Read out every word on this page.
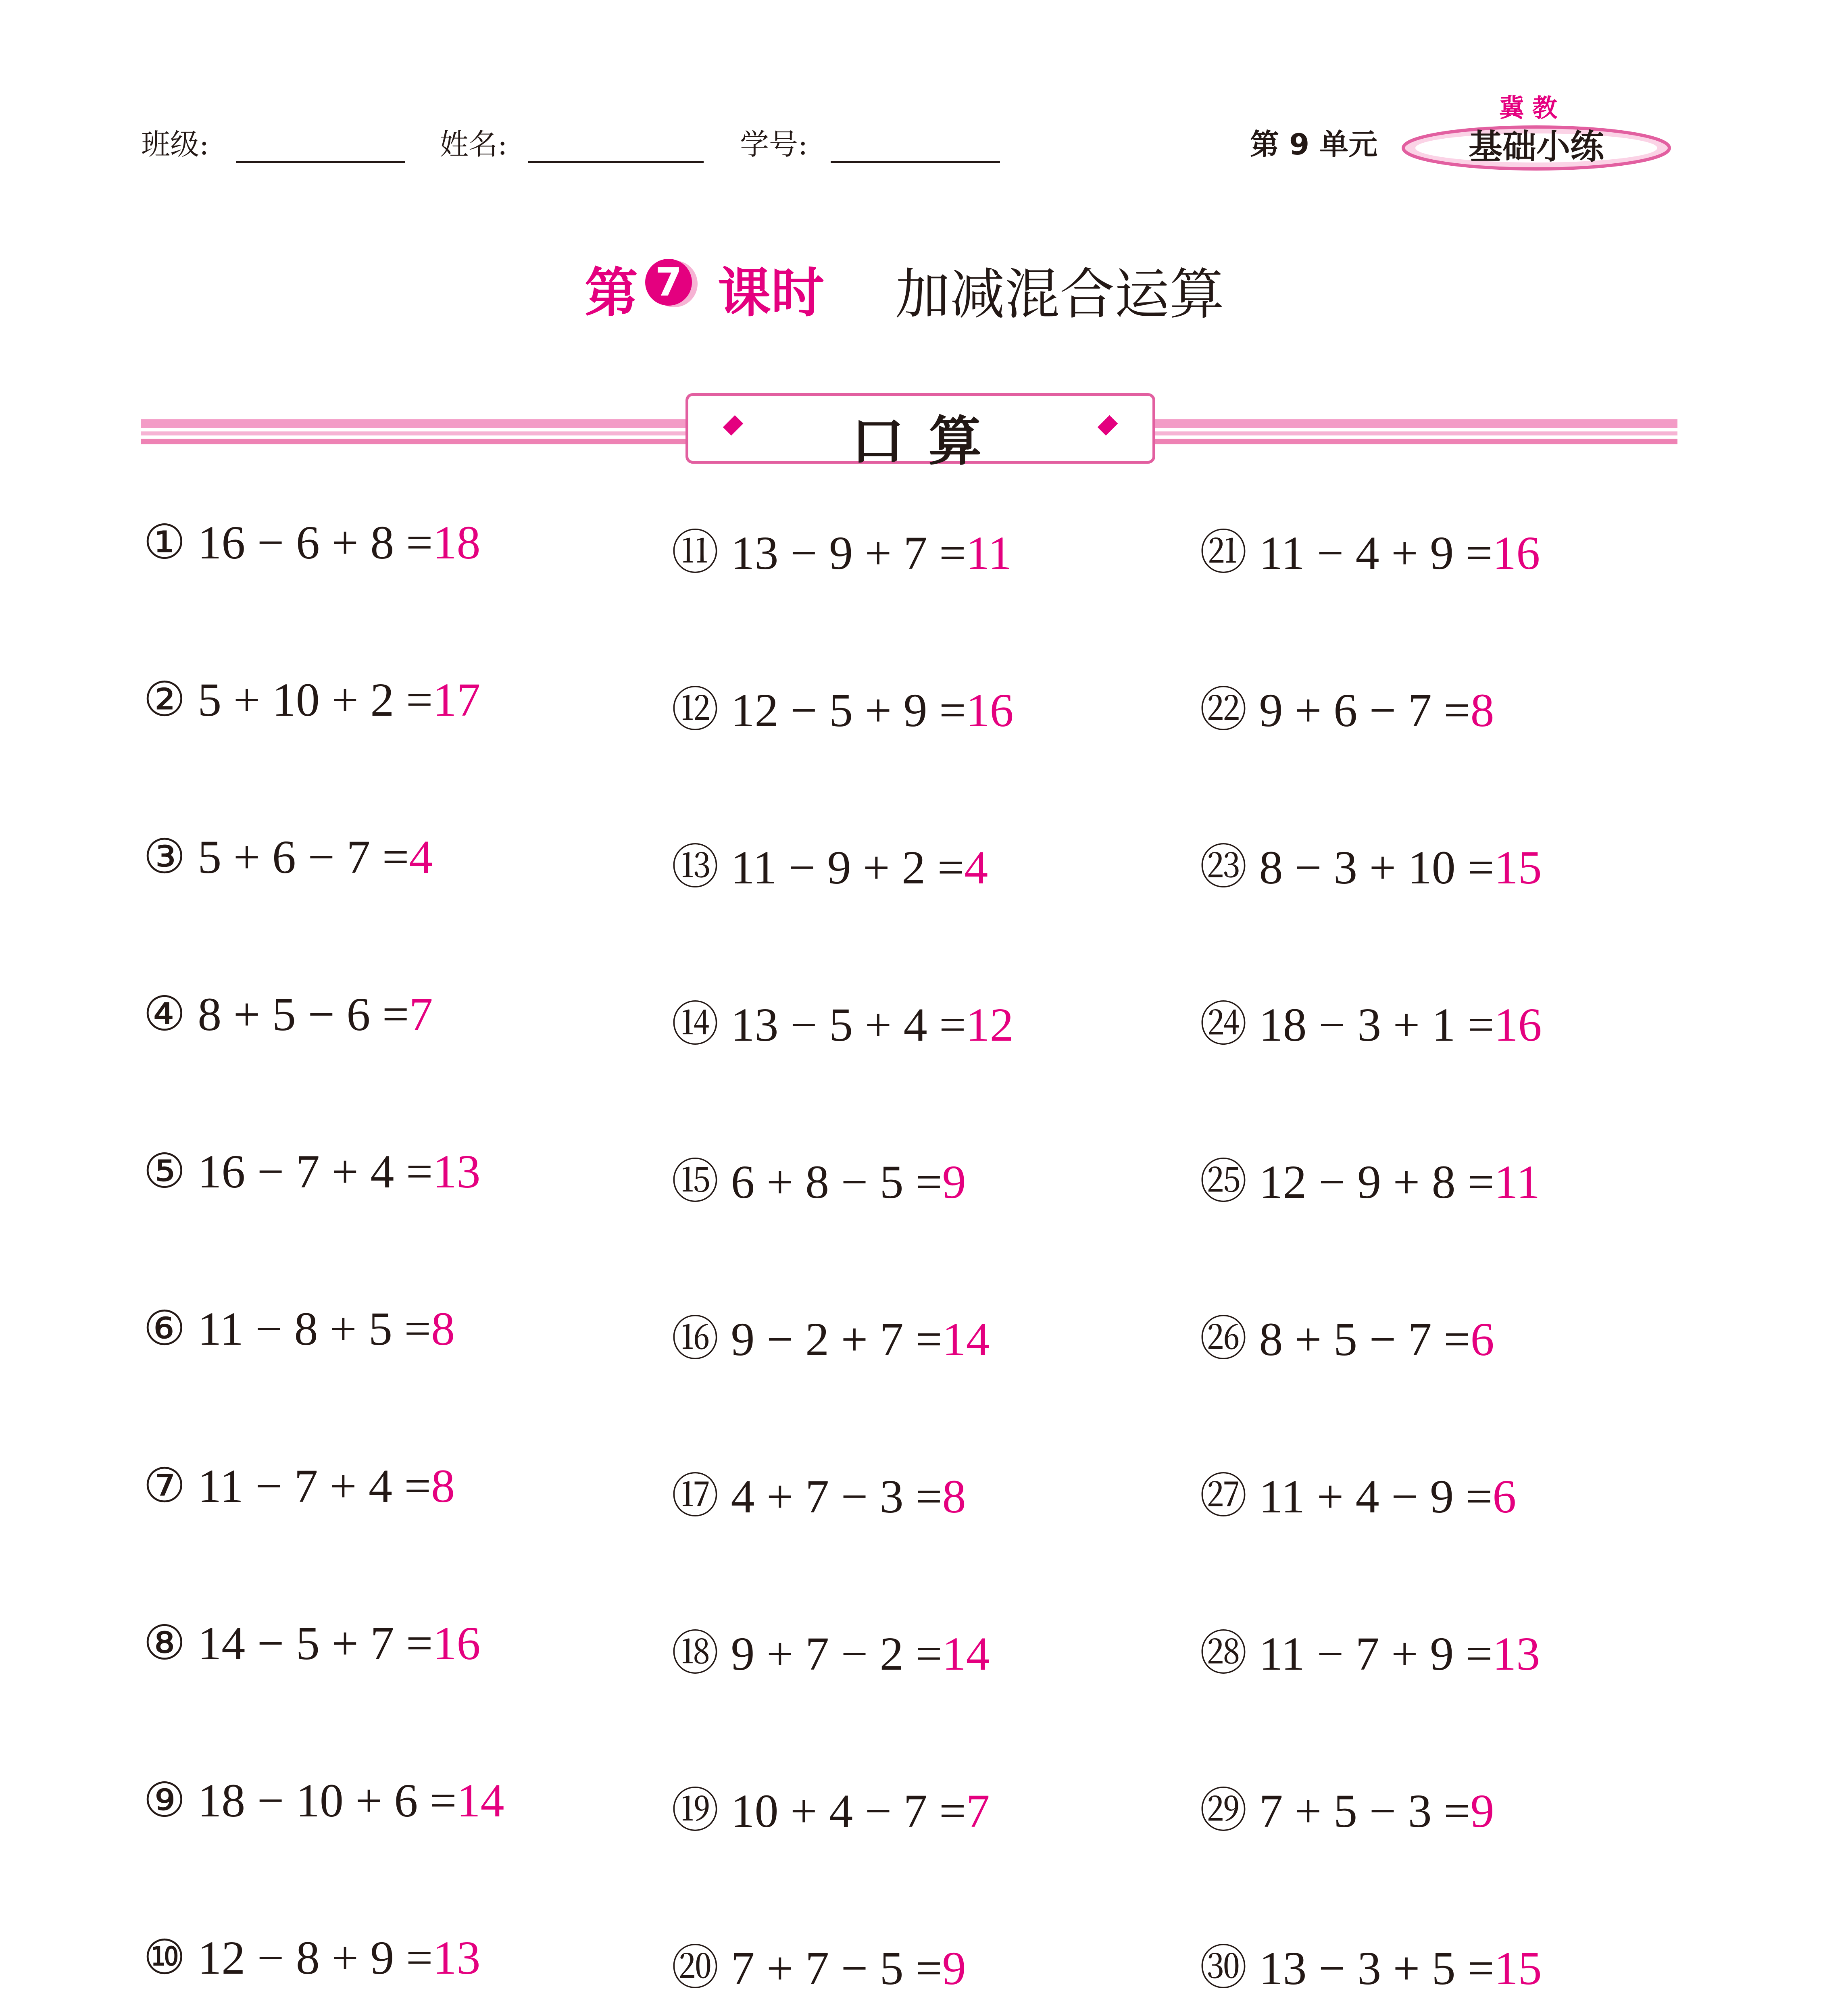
班级:	姓名:	学号:	第 9 单元
冀教
基础小练
第 7 课时 加减混合运算
口算
① 16 − 6 + 8 =18
② 5 + 10 + 2 =17
③ 5 + 6 − 7 =4
④ 8 + 5 − 6 =7
⑤ 16 − 7 + 4 =13
⑥ 11 − 8 + 5 =8
⑦ 11 − 7 + 4 =8
⑧ 14 − 5 + 7 =16
⑨ 18 − 10 + 6 =14
⑩ 12 − 8 + 9 =13
⑪ 13 − 9 + 7 =11
⑫ 12 − 5 + 9 =16
⑬ 11 − 9 + 2 =4
⑭ 13 − 5 + 4 =12
⑮ 6 + 8 − 5 =9
⑯ 9 − 2 + 7 =14
⑰ 4 + 7 − 3 =8
⑱ 9 + 7 − 2 =14
⑲ 10 + 4 − 7 =7
⑳ 7 + 7 − 5 =9
㉑ 11 − 4 + 9 =16
㉒ 9 + 6 − 7 =8
㉓ 8 − 3 + 10 =15
㉔ 18 − 3 + 1 =16
㉕ 12 − 9 + 8 =11
㉖ 8 + 5 − 7 =6
㉗ 11 + 4 − 9 =6
㉘ 11 − 7 + 9 =13
㉙ 7 + 5 − 3 =9
㉚ 13 − 3 + 5 =15
